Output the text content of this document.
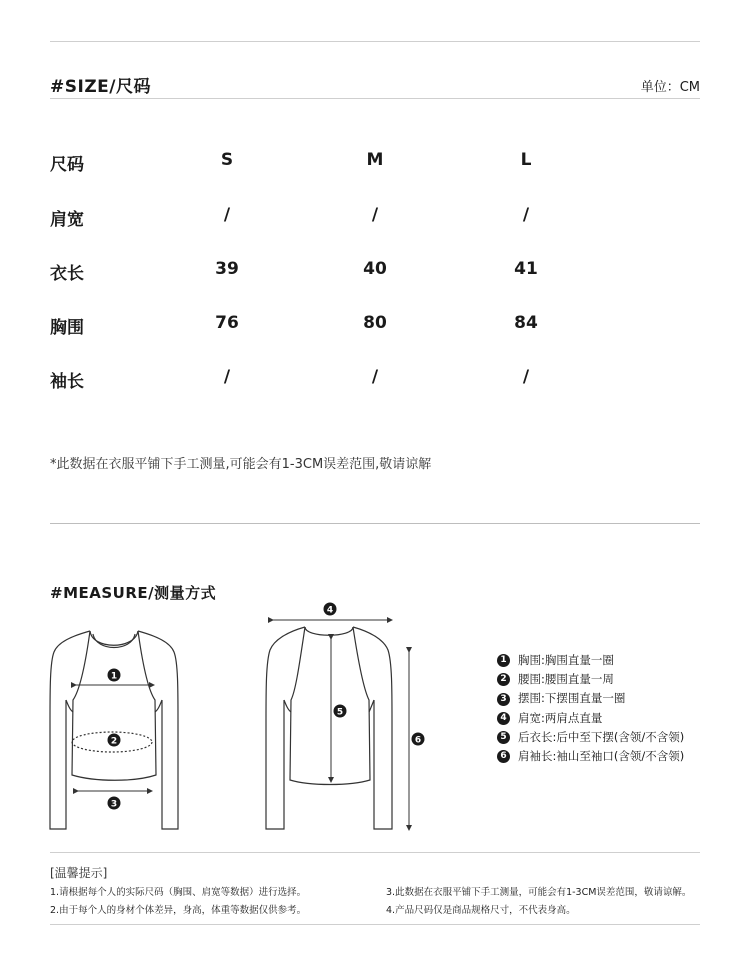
#SIZE/尺码	单位：CM
尺码	S	M	L
肩宽	/	/	/
衣长	39	40	41
胸围	76	80	84
袖长	/	/	/
*此数据在衣服平铺下手工测量,可能会有1-3CM误差范围,敬请谅解
#MEASURE/测量方式
1
2
3
4
5
6
1 胸围:胸围直量一圈
2 腰围:腰围直量一周
3 摆围:下摆围直量一圈
4 肩宽:两肩点直量
5 后衣长:后中至下摆(含领/不含领)
6 肩袖长:袖山至袖口(含领/不含领)
[温馨提示]
1.请根据每个人的实际尺码（胸围、肩宽等数据）进行选择。
2.由于每个人的身材个体差异，身高，体重等数据仅供参考。
3.此数据在衣服平铺下手工测量，可能会有1-3CM误差范围，敬请谅解。
4.产品尺码仅是商品规格尺寸，不代表身高。
